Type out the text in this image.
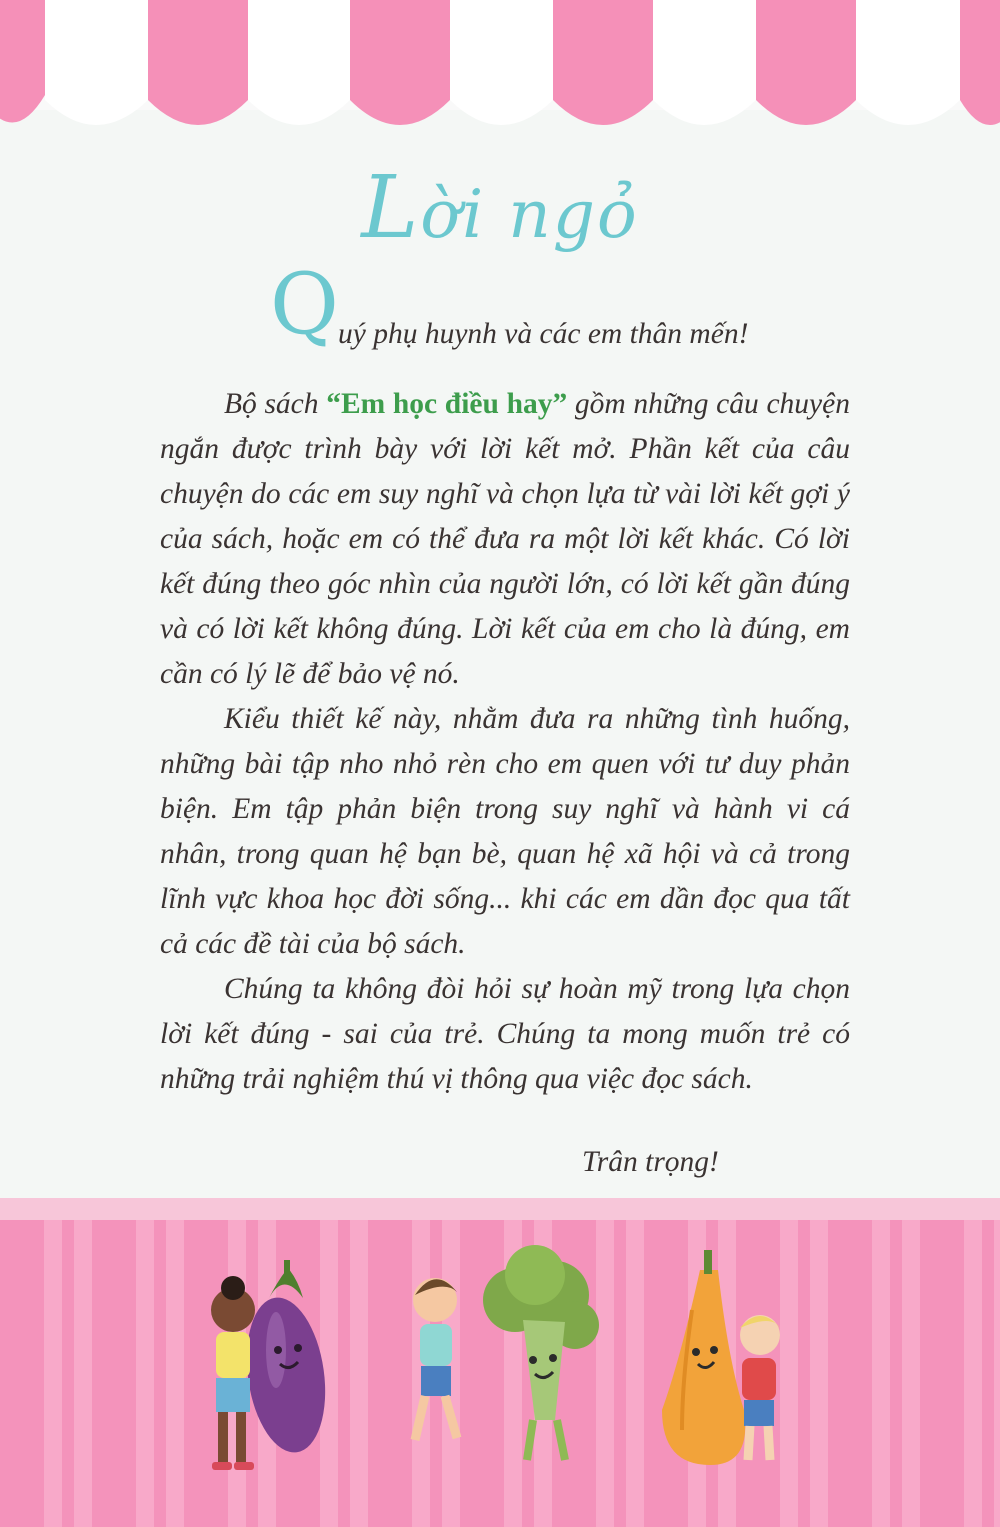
Lời ngỏ
Q uý phụ huynh và các em thân mến!

Bộ sách “Em học điều hay” gồm những câu chuyện ngắn được trình bày với lời kết mở. Phần kết của câu chuyện do các em suy nghĩ và chọn lựa từ vài lời kết gợi ý của sách, hoặc em có thể đưa ra một lời kết khác. Có lời kết đúng theo góc nhìn của người lớn, có lời kết gần đúng và có lời kết không đúng. Lời kết của em cho là đúng, em cần có lý lẽ để bảo vệ nó.

Kiểu thiết kế này, nhằm đưa ra những tình huống, những bài tập nho nhỏ rèn cho em quen với tư duy phản biện. Em tập phản biện trong suy nghĩ và hành vi cá nhân, trong quan hệ bạn bè, quan hệ xã hội và cả trong lĩnh vực khoa học đời sống... khi các em dần đọc qua tất cả các đề tài của bộ sách.

Chúng ta không đòi hỏi sự hoàn mỹ trong lựa chọn lời kết đúng - sai của trẻ. Chúng ta mong muốn trẻ có những trải nghiệm thú vị thông qua việc đọc sách.

Trân trọng!
